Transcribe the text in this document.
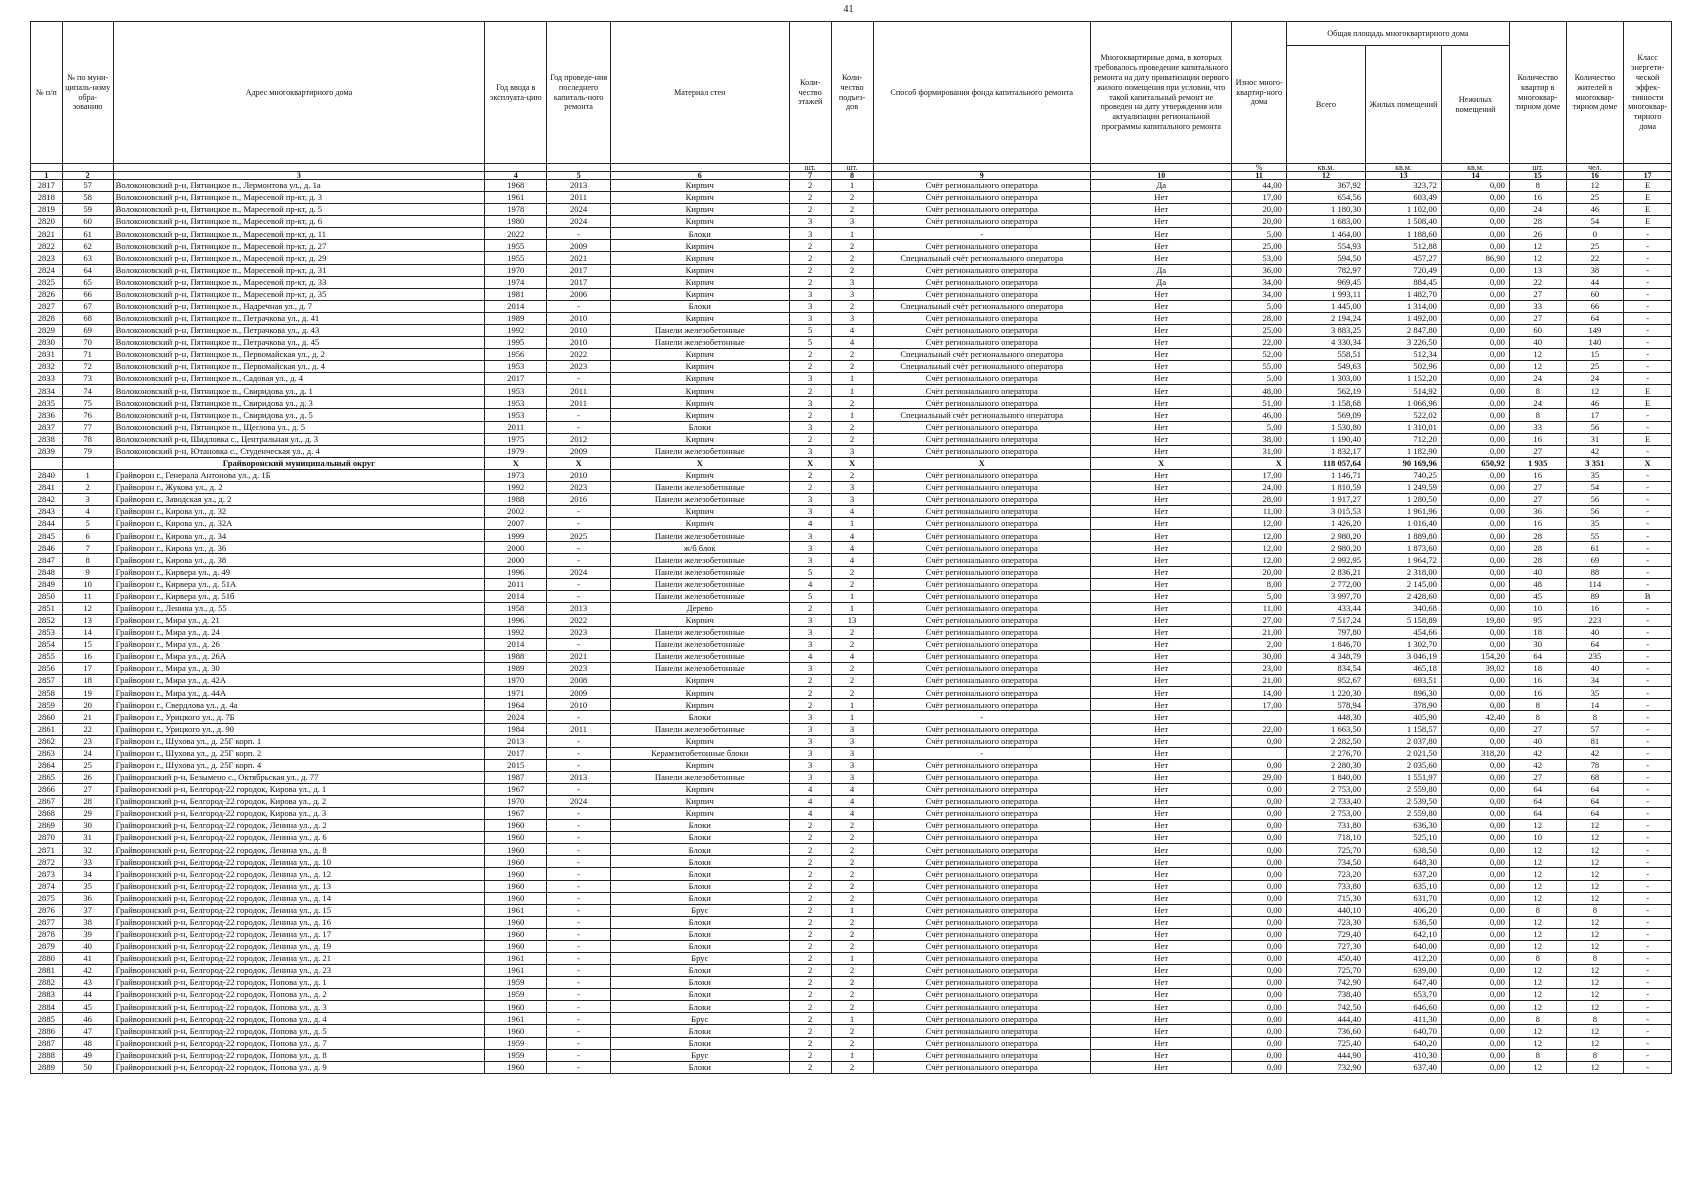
41
№ п/п	№ по муни-ципаль-ному обра-зованию	Адрес многоквартирного дома	Год ввода в эксплуата-цию	Год проведе-ния последнего капиталь-ного ремонта	Материал стен	Коли-чество этажей	Коли-чество подъез-дов	Способ формирования фонда капитального ремонта	Многоквартирные дома, в которых требовалось проведение капитального ремонта на дату приватизации первого жилого помещения при условии, что такой капитальный ремонт не проведен на дату утверждения или актуализации региональной программы капитального ремонта	Износ много-квартир-ного дома	Общая площадь многоквартирного дома			Количество квартир в многоквар-тирном доме	Количество жителей в многоквар-тирном доме	Класс энергети-ческой эффек-тивности многоквар-тирного дома
											Всего	Жилых помещений	Нежилых помещений			
						шт.	шт.			%	кв.м.	кв.м.	кв.м.	шт.	чел.	
1	2	3	4	5	6	7	8	9	10	11	12	13	14	15	16	17
2817	57	Волоконовский р-н, Пятницкое п., Лермонтова ул., д. 1а	1968	2013	Кирпич	2	1	Счёт регионального оператора	Да	44,00	367,92	323,72	0,00	8	12	Е
2818	58	Волоконовский р-н, Пятницкое п., Маресевой пр-кт, д. 3	1961	2011	Кирпич	2	2	Счёт регионального оператора	Нет	17,00	654,56	603,49	0,00	16	25	Е
2819	59	Волоконовский р-н, Пятницкое п., Маресевой пр-кт, д. 5	1978	2024	Кирпич	2	2	Счёт регионального оператора	Нет	20,00	1 180,30	1 102,00	0,00	24	46	Е
2820	60	Волоконовский р-н, Пятницкое п., Маресевой пр-кт, д. 6	1980	2024	Кирпич	3	3	Счёт регионального оператора	Нет	20,00	1 683,00	1 508,40	0,00	28	54	Е
2821	61	Волоконовский р-н, Пятницкое п., Маресевой пр-кт, д. 11	2022	-	Блоки	3	1	-	Нет	5,00	1 464,00	1 188,60	0,00	26	0	-
2822	62	Волоконовский р-н, Пятницкое п., Маресевой пр-кт, д. 27	1955	2009	Кирпич	2	2	Счёт регионального оператора	Нет	25,00	554,93	512,88	0,00	12	25	-
2823	63	Волоконовский р-н, Пятницкое п., Маресевой пр-кт, д. 29	1955	2021	Кирпич	2	2	Специальный счёт регионального оператора	Нет	53,00	594,50	457,27	86,90	12	22	-
2824	64	Волоконовский р-н, Пятницкое п., Маресевой пр-кт, д. 31	1970	2017	Кирпич	2	2	Счёт регионального оператора	Да	36,00	782,97	720,49	0,00	13	38	-
2825	65	Волоконовский р-н, Пятницкое п., Маресевой пр-кт, д. 33	1974	2017	Кирпич	2	3	Счёт регионального оператора	Да	34,00	969,45	884,45	0,00	22	44	-
2826	66	Волоконовский р-н, Пятницкое п., Маресевой пр-кт, д. 35	1981	2006	Кирпич	3	3	Счёт регионального оператора	Нет	34,00	1 993,11	1 482,70	0,00	27	60	-
2827	67	Волоконовский р-н, Пятницкое п., Надречная ул., д. 7	2014	-	Блоки	3	2	Специальный счёт регионального оператора	Нет	5,00	1 445,00	1 314,00	0,00	33	66	-
2828	68	Волоконовский р-н, Пятницкое п., Петрачкова ул., д. 41	1989	2010	Кирпич	3	3	Счёт регионального оператора	Нет	28,00	2 194,24	1 492,00	0,00	27	64	-
2829	69	Волоконовский р-н, Пятницкое п., Петрачкова ул., д. 43	1992	2010	Панели железобетонные	5	4	Счёт регионального оператора	Нет	25,00	3 883,25	2 847,80	0,00	60	149	-
2830	70	Волоконовский р-н, Пятницкое п., Петрачкова ул., д. 45	1995	2010	Панели железобетонные	5	4	Счёт регионального оператора	Нет	22,00	4 330,34	3 226,50	0,00	40	140	-
2831	71	Волоконовский р-н, Пятницкое п., Первомайская ул., д. 2	1956	2022	Кирпич	2	2	Специальный счёт регионального оператора	Нет	52,00	558,51	512,34	0,00	12	15	-
2832	72	Волоконовский р-н, Пятницкое п., Первомайская ул., д. 4	1953	2023	Кирпич	2	2	Специальный счёт регионального оператора	Нет	55,00	549,63	502,96	0,00	12	25	-
2833	73	Волоконовский р-н, Пятницкое п., Садовая ул., д. 4	2017	-	Кирпич	3	1	Счёт регионального оператора	Нет	5,00	1 303,00	1 152,20	0,00	24	24	-
2834	74	Волоконовский р-н, Пятницкое п., Свиридова ул., д. 1	1953	2011	Кирпич	2	1	Счёт регионального оператора	Нет	48,00	562,19	514,92	0,00	8	12	Е
2835	75	Волоконовский р-н, Пятницкое п., Свиридова ул., д. 3	1953	2011	Кирпич	3	2	Счёт регионального оператора	Нет	51,00	1 158,68	1 066,96	0,00	24	46	Е
2836	76	Волоконовский р-н, Пятницкое п., Свиридова ул., д. 5	1953	-	Кирпич	2	1	Специальный счёт регионального оператора	Нет	46,00	569,09	522,02	0,00	8	17	-
2837	77	Волоконовский р-н, Пятницкое п., Щеглова ул., д. 5	2011	-	Блоки	3	2	Счёт регионального оператора	Нет	5,00	1 530,80	1 310,01	0,00	33	56	-
2838	78	Волоконовский р-н, Шидловка с., Центральная ул., д. 3	1975	2012	Кирпич	2	2	Счёт регионального оператора	Нет	38,00	1 190,40	712,20	0,00	16	31	Е
2839	79	Волоконовский р-н, Ютановка с., Студенческая ул., д. 4	1979	2009	Панели железобетонные	3	3	Счёт регионального оператора	Нет	31,00	1 832,17	1 182,90	0,00	27	42	-
		Грайворонский муниципальный округ	Х	Х	Х	Х	Х	Х	Х	Х	118 057,64	90 169,96	650,92	1 935	3 351	Х
2840	1	Грайворон г., Генерала Антонова ул., д. 1Б	1973	2010	Кирпич	2	2	Счёт регионального оператора	Нет	17,00	1 146,71	740,25	0,00	16	35	-
2841	2	Грайворон г., Жукова ул., д. 2	1992	2023	Панели железобетонные	2	3	Счёт регионального оператора	Нет	24,00	1 810,59	1 249,59	0,00	27	54	-
2842	3	Грайворон г., Заводская ул., д. 2	1988	2016	Панели железобетонные	3	3	Счёт регионального оператора	Нет	28,00	1 917,27	1 280,50	0,00	27	56	-
2843	4	Грайворон г., Кирова ул., д. 32	2002	-	Кирпич	3	4	Счёт регионального оператора	Нет	11,00	3 015,53	1 961,96	0,00	36	56	-
2844	5	Грайворон г., Кирова ул., д. 32А	2007	-	Кирпич	4	1	Счёт регионального оператора	Нет	12,00	1 426,20	1 016,40	0,00	16	35	-
2845	6	Грайворон г., Кирова ул., д. 34	1999	2025	Панели железобетонные	3	4	Счёт регионального оператора	Нет	12,00	2 980,20	1 889,80	0,00	28	55	-
2846	7	Грайворон г., Кирова ул., д. 36	2000	-	ж/б блок	3	4	Счёт регионального оператора	Нет	12,00	2 980,20	1 873,60	0,00	28	61	-
2847	8	Грайворон г., Кирова ул., д. 38	2000	-	Панели железобетонные	3	4	Счёт регионального оператора	Нет	12,00	2 992,95	1 964,72	0,00	28	69	-
2848	9	Грайворон г., Кирвера ул., д. 49	1996	2024	Панели железобетонные	5	2	Счёт регионального оператора	Нет	20,00	2 836,21	2 318,00	0,00	40	88	-
2849	10	Грайворон г., Кирвера ул., д. 51А	2011	-	Панели железобетонные	4	2	Счёт регионального оператора	Нет	8,00	2 772,00	2 145,00	0,00	48	114	-
2850	11	Грайворон г., Кирвера ул., д. 51б	2014	-	Панели железобетонные	5	1	Счёт регионального оператора	Нет	5,00	3 997,70	2 428,60	0,00	45	89	В
2851	12	Грайворон г., Ленина ул., д. 55	1958	2013	Дерево	2	1	Счёт регионального оператора	Нет	11,00	433,44	340,68	0,00	10	16	-
2852	13	Грайворон г., Мира ул., д. 21	1996	2022	Кирпич	3	13	Счёт регионального оператора	Нет	27,00	7 517,24	5 158,89	19,80	95	223	-
2853	14	Грайворон г., Мира ул., д. 24	1992	2023	Панели железобетонные	3	2	Счёт регионального оператора	Нет	21,00	797,80	454,66	0,00	18	40	-
2854	15	Грайворон г., Мира ул., д. 26	2014	-	Панели железобетонные	3	2	Счёт регионального оператора	Нет	2,00	1 846,70	1 302,70	0,00	30	64	-
2855	16	Грайворон г., Мира ул., д. 26А	1988	2021	Панели железобетонные	4	4	Счёт регионального оператора	Нет	30,00	4 348,79	3 046,19	154,20	64	235	-
2856	17	Грайворон г., Мира ул., д. 30	1989	2023	Панели железобетонные	3	2	Счёт регионального оператора	Нет	23,00	834,54	465,18	39,02	18	40	-
2857	18	Грайворон г., Мира ул., д. 42А	1970	2008	Кирпич	2	2	Счёт регионального оператора	Нет	21,00	952,67	693,51	0,00	16	34	-
2858	19	Грайворон г., Мира ул., д. 44А	1971	2009	Кирпич	2	2	Счёт регионального оператора	Нет	14,00	1 220,30	896,30	0,00	16	35	-
2859	20	Грайворон г., Свердлова ул., д. 4а	1964	2010	Кирпич	2	1	Счёт регионального оператора	Нет	17,00	578,94	378,90	0,00	8	14	-
2860	21	Грайворон г., Урицкого ул., д. 7Б	2024	-	Блоки	3	1	-	Нет		448,30	405,90	42,40	8	8	-
2861	22	Грайворон г., Урицкого ул., д. 90	1984	2011	Панели железобетонные	3	3	Счёт регионального оператора	Нет	22,00	1 663,50	1 158,57	0,00	27	57	-
2862	23	Грайворон г., Шухова ул., д. 25Г корп. 1	2013	-	Кирпич	3	3	Счёт регионального оператора	Нет	0,00	2 282,50	2 037,80	0,00	40	81	-
2863	24	Грайворон г., Шухова ул., д. 25Г корп. 2	2017	-	Керамзитобетонные блоки	3	3	-	Нет		2 276,70	2 021,50	318,20	42	42	-
2864	25	Грайворон г., Шухова ул., д. 25Г корп. 4	2015	-	Кирпич	3	3	Счёт регионального оператора	Нет	0,00	2 280,30	2 035,60	0,00	42	78	-
2865	26	Грайворонский р-н, Безымено с., Октябрьская ул., д. 77	1987	2013	Панели железобетонные	3	3	Счёт регионального оператора	Нет	29,00	1 840,00	1 551,97	0,00	27	68	-
2866	27	Грайворонский р-н, Белгород-22 городок, Кирова ул., д. 1	1967	-	Кирпич	4	4	Счёт регионального оператора	Нет	0,00	2 753,00	2 559,80	0,00	64	64	-
2867	28	Грайворонский р-н, Белгород-22 городок, Кирова ул., д. 2	1970	2024	Кирпич	4	4	Счёт регионального оператора	Нет	0,00	2 733,40	2 539,50	0,00	64	64	-
2868	29	Грайворонский р-н, Белгород-22 городок, Кирова ул., д. 3	1967	-	Кирпич	4	4	Счёт регионального оператора	Нет	0,00	2 753,00	2 559,80	0,00	64	64	-
2869	30	Грайворонский р-н, Белгород-22 городок, Ленина ул., д. 2	1960	-	Блоки	2	2	Счёт регионального оператора	Нет	0,00	731,80	636,30	0,00	12	12	-
2870	31	Грайворонский р-н, Белгород-22 городок, Ленина ул., д. 6	1960	-	Блоки	2	2	Счёт регионального оператора	Нет	0,00	718,10	525,10	0,00	10	12	-
2871	32	Грайворонский р-н, Белгород-22 городок, Ленина ул., д. 8	1960	-	Блоки	2	2	Счёт регионального оператора	Нет	0,00	725,70	638,50	0,00	12	12	-
2872	33	Грайворонский р-н, Белгород-22 городок, Ленина ул., д. 10	1960	-	Блоки	2	2	Счёт регионального оператора	Нет	0,00	734,50	648,30	0,00	12	12	-
2873	34	Грайворонский р-н, Белгород-22 городок, Ленина ул., д. 12	1960	-	Блоки	2	2	Счёт регионального оператора	Нет	0,00	723,20	637,20	0,00	12	12	-
2874	35	Грайворонский р-н, Белгород-22 городок, Ленина ул., д. 13	1960	-	Блоки	2	2	Счёт регионального оператора	Нет	0,00	733,80	635,10	0,00	12	12	-
2875	36	Грайворонский р-н, Белгород-22 городок, Ленина ул., д. 14	1960	-	Блоки	2	2	Счёт регионального оператора	Нет	0,00	715,30	631,70	0,00	12	12	-
2876	37	Грайворонский р-н, Белгород-22 городок, Ленина ул., д. 15	1961	-	Брус	2	1	Счёт регионального оператора	Нет	0,00	440,10	406,20	0,00	8	8	-
2877	38	Грайворонский р-н, Белгород-22 городок, Ленина ул., д. 16	1960	-	Блоки	2	2	Счёт регионального оператора	Нет	0,00	723,30	636,50	0,00	12	12	-
2878	39	Грайворонский р-н, Белгород-22 городок, Ленина ул., д. 17	1960	-	Блоки	2	2	Счёт регионального оператора	Нет	0,00	729,40	642,10	0,00	12	12	-
2879	40	Грайворонский р-н, Белгород-22 городок, Ленина ул., д. 19	1960	-	Блоки	2	2	Счёт регионального оператора	Нет	0,00	727,30	640,00	0,00	12	12	-
2880	41	Грайворонский р-н, Белгород-22 городок, Ленина ул., д. 21	1961	-	Брус	2	1	Счёт регионального оператора	Нет	0,00	450,40	412,20	0,00	8	8	-
2881	42	Грайворонский р-н, Белгород-22 городок, Ленина ул., д. 23	1961	-	Блоки	2	2	Счёт регионального оператора	Нет	0,00	725,70	639,00	0,00	12	12	-
2882	43	Грайворонский р-н, Белгород-22 городок, Попова ул., д. 1	1959	-	Блоки	2	2	Счёт регионального оператора	Нет	0,00	742,90	647,40	0,00	12	12	-
2883	44	Грайворонский р-н, Белгород-22 городок, Попова ул., д. 2	1959	-	Блоки	2	2	Счёт регионального оператора	Нет	0,00	738,40	653,70	0,00	12	12	-
2884	45	Грайворонский р-н, Белгород-22 городок, Попова ул., д. 3	1960	-	Блоки	2	2	Счёт регионального оператора	Нет	0,00	742,50	646,60	0,00	12	12	-
2885	46	Грайворонский р-н, Белгород-22 городок, Попова ул., д. 4	1961	-	Брус	2	1	Счёт регионального оператора	Нет	0,00	444,40	411,30	0,00	8	8	-
2886	47	Грайворонский р-н, Белгород-22 городок, Попова ул., д. 5	1960	-	Блоки	2	2	Счёт регионального оператора	Нет	0,00	736,60	640,70	0,00	12	12	-
2887	48	Грайворонский р-н, Белгород-22 городок, Попова ул., д. 7	1959	-	Блоки	2	2	Счёт регионального оператора	Нет	0,00	725,40	640,20	0,00	12	12	-
2888	49	Грайворонский р-н, Белгород-22 городок, Попова ул., д. 8	1959	-	Брус	2	1	Счёт регионального оператора	Нет	0,00	444,90	410,30	0,00	8	8	-
2889	50	Грайворонский р-н, Белгород-22 городок, Попова ул., д. 9	1960	-	Блоки	2	2	Счёт регионального оператора	Нет	0,00	732,90	637,40	0,00	12	12	-
